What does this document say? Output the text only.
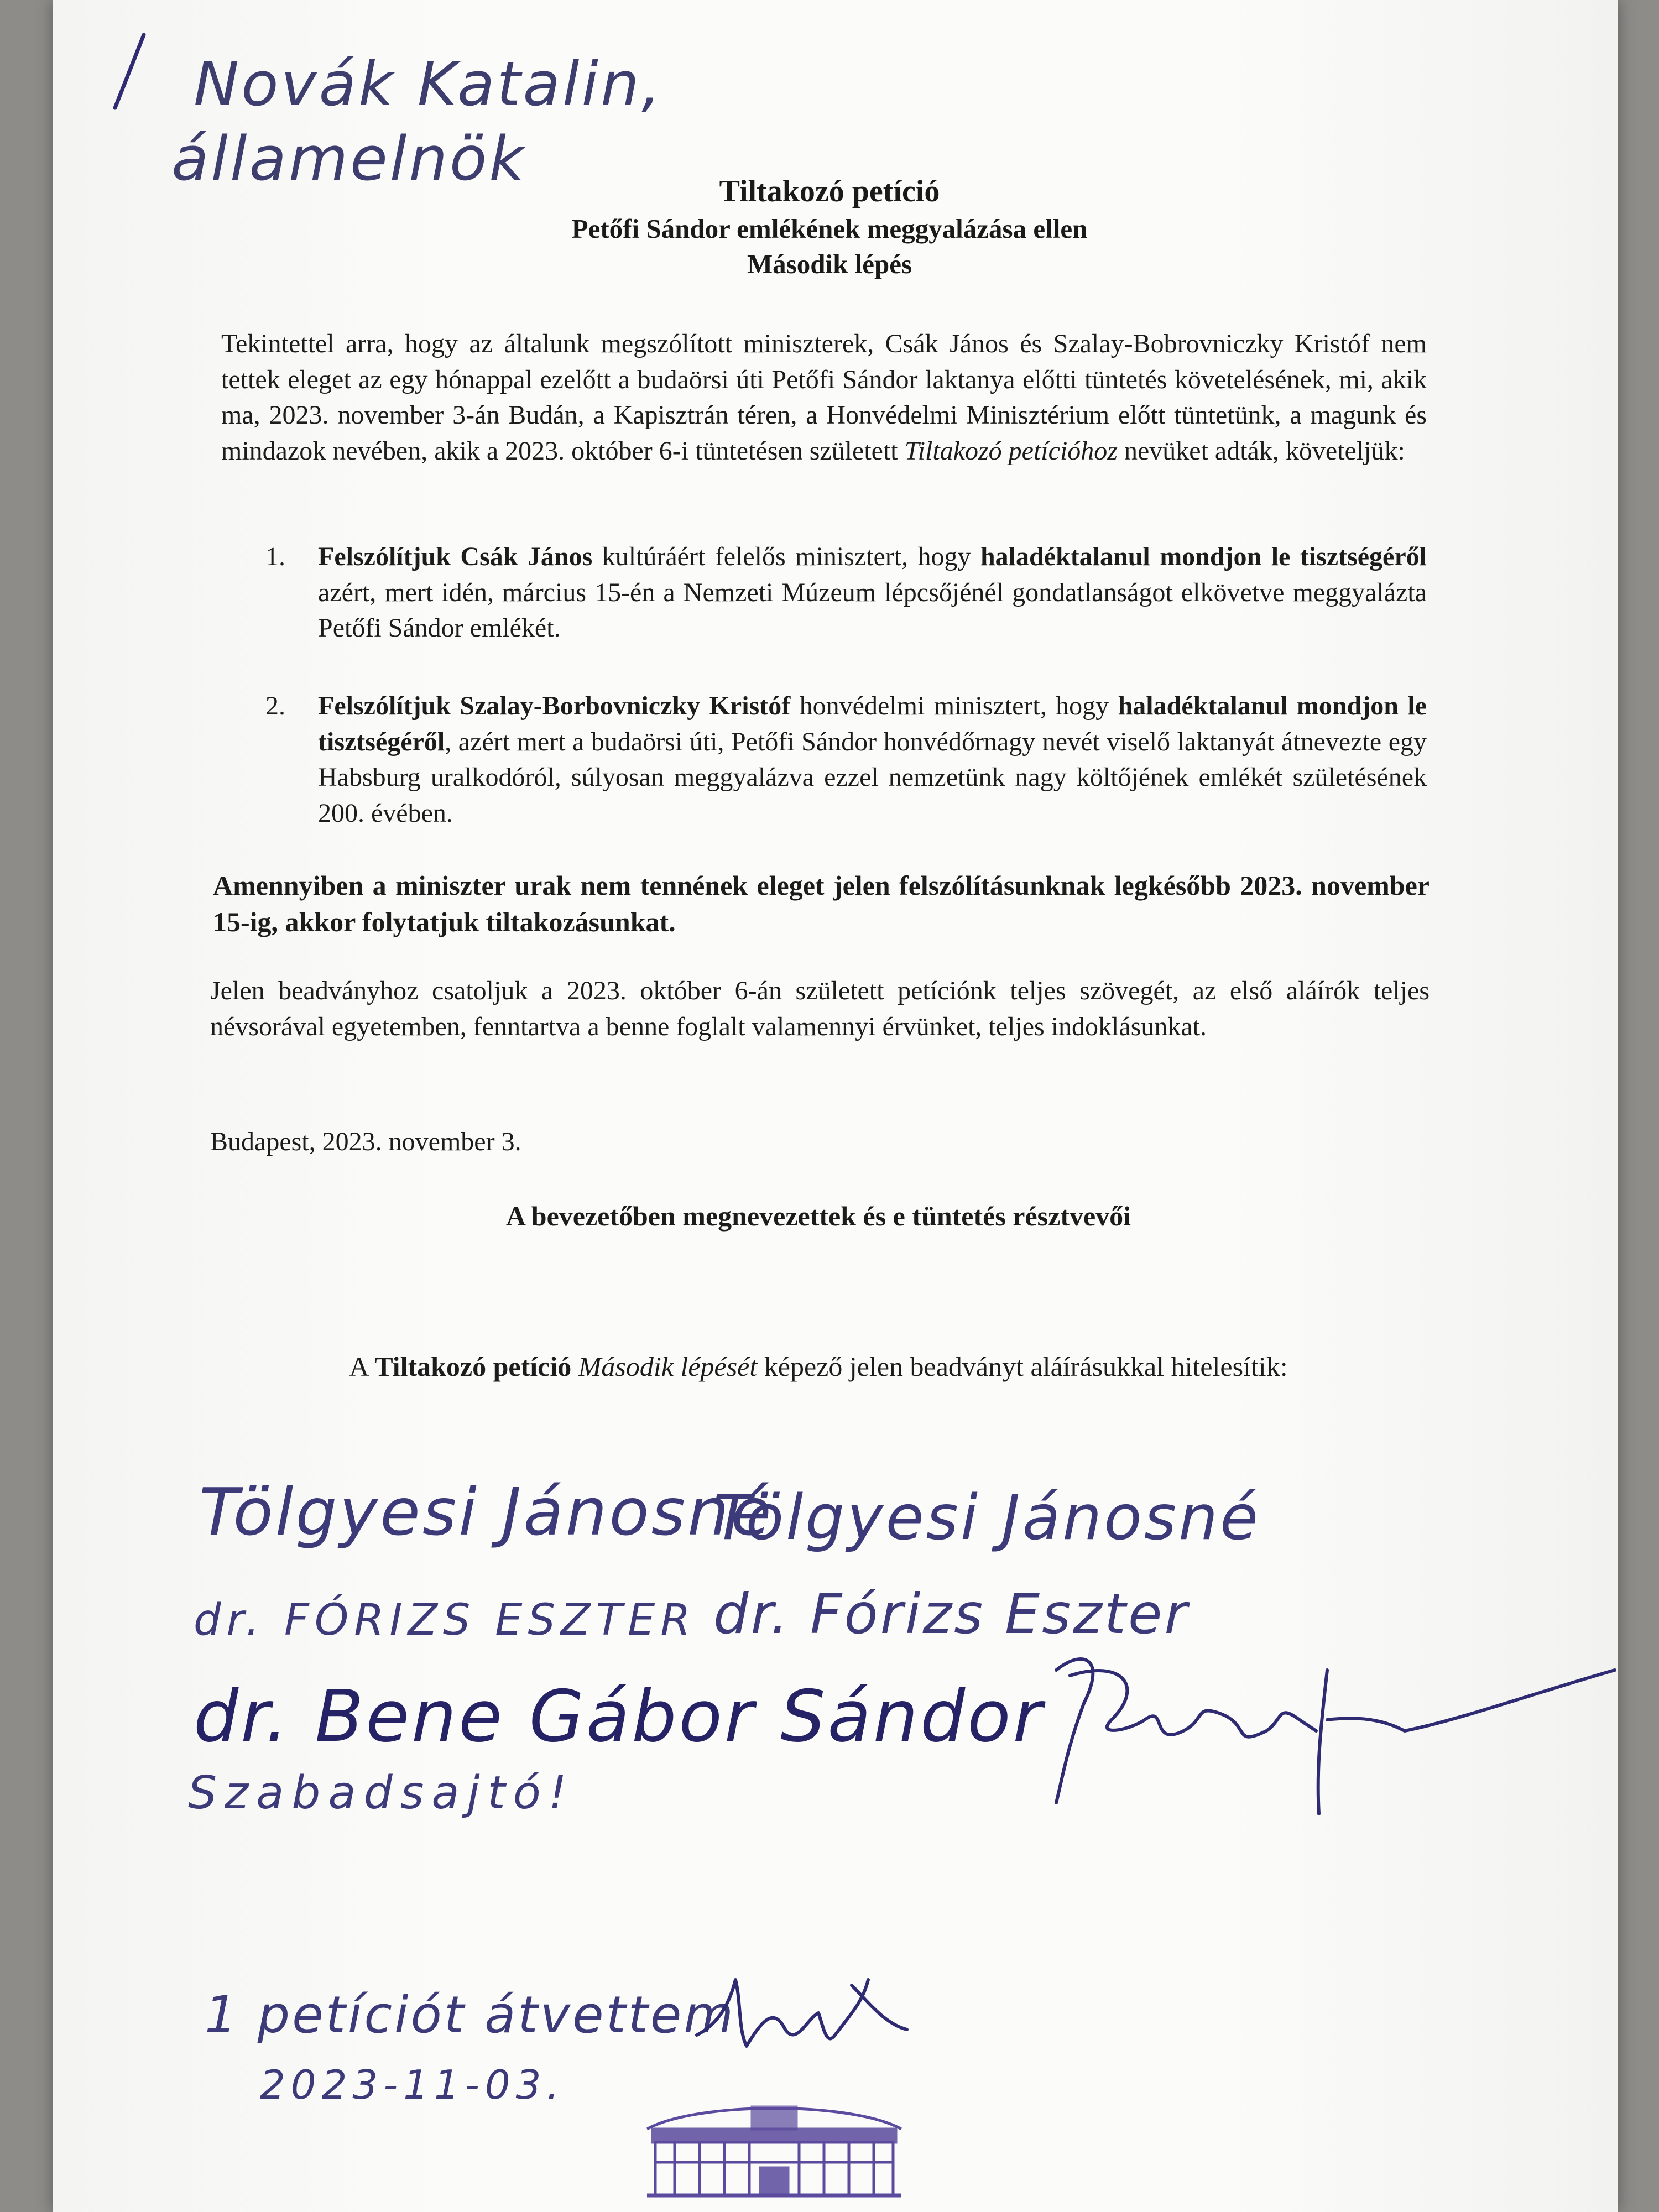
Novák Katalin,
államelnök	Tiltakozó petíció

Petőfi Sándor emlékének meggyalázása ellen

Második lépés

Tekintettel arra, hogy az általunk megszólított miniszterek, Csák János és Szalay-Bobrovniczky Kristóf nem tettek eleget az egy hónappal ezelőtt a budaörsi úti Petőfi Sándor laktanya előtti tüntetés követelésének, mi, akik ma, 2023. november 3-án Budán, a Kapisztrán téren, a Honvédelmi Minisztérium előtt tüntetünk, a magunk és mindazok nevében, akik a 2023. október 6-i tüntetésen született Tiltakozó petícióhoz nevüket adták, követeljük:

1. Felszólítjuk Csák János kultúráért felelős minisztert, hogy haladéktalanul mondjon le tisztségéről azért, mert idén, március 15-én a Nemzeti Múzeum lépcsőjénél gondatlanságot elkövetve meggyalázta Petőfi Sándor emlékét.
2. Felszólítjuk Szalay-Borbovniczky Kristóf honvédelmi minisztert, hogy haladéktalanul mondjon le tisztségéről, azért mert a budaörsi úti, Petőfi Sándor honvédőrnagy nevét viselő laktanyát átnevezte egy Habsburg uralkodóról, súlyosan meggyalázva ezzel nemzetünk nagy költőjének emlékét születésének 200. évében.

Amennyiben a miniszter urak nem tennének eleget jelen felszólításunknak legkésőbb 2023. november 15-ig, akkor folytatjuk tiltakozásunkat.

Jelen beadványhoz csatoljuk a 2023. október 6-án született petíciónk teljes szövegét, az első aláírók teljes névsorával egyetemben, fenntartva a benne foglalt valamennyi érvünket, teljes indoklásunkat.

Budapest, 2023. november 3.

A bevezetőben megnevezettek és e tüntetés résztvevői

A Tiltakozó petíció Második lépését képező jelen beadványt aláírásukkal hitelesítik:

Tölgyesi Jánosné
Tölgyesi Jánosné
dr. FÓRIZS ESZTER dr. Fórizs Eszter
dr. Bene Gábor Sándor
Szabadsajtó!
1 petíciót átvettem
2023-11-03.
